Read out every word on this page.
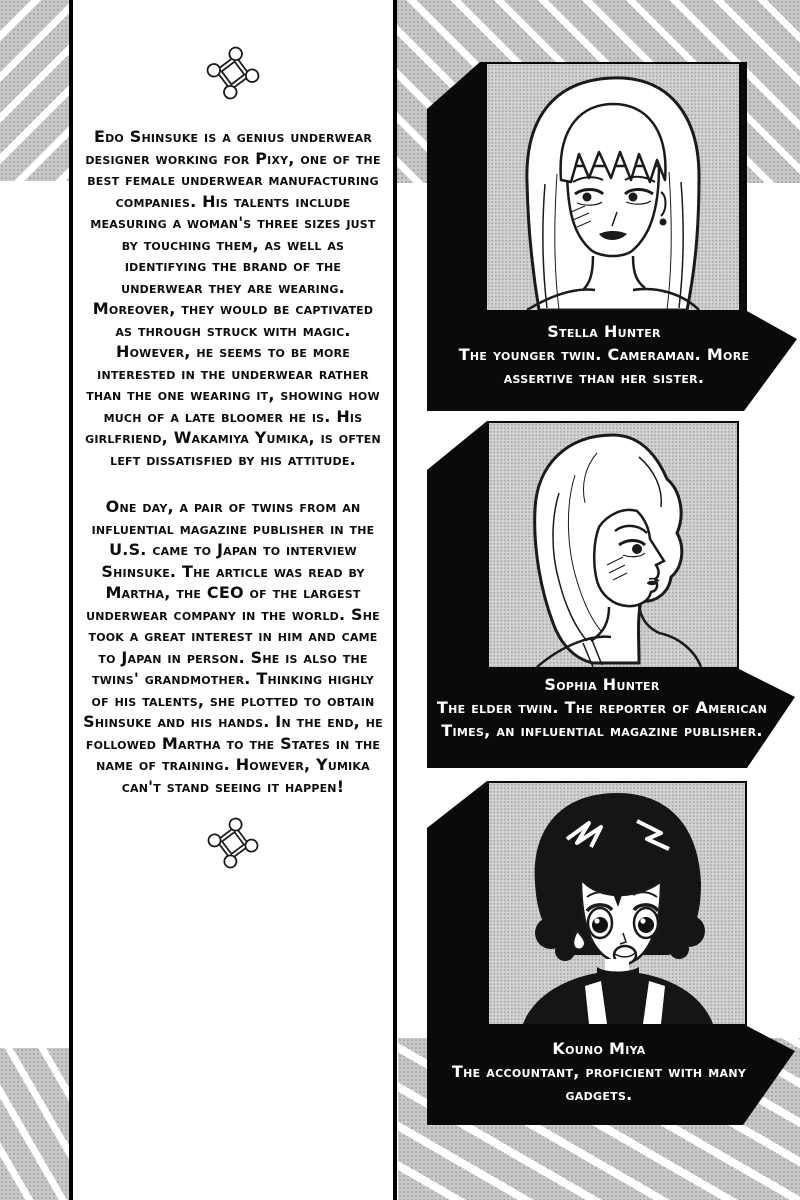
Edo Shinsuke is a genius underwear designer working for Pixy, one of the best female underwear manufacturing companies. His talents include measuring a woman's three sizes just by touching them, as well as identifying the brand of the underwear they are wearing. Moreover, they would be captivated as through struck with magic. However, he seems to be more interested in the underwear rather than the one wearing it, showing how much of a late bloomer he is. His girlfriend, Wakamiya Yumika, is often left dissatisfied by his attitude.

One day, a pair of twins from an influential magazine publisher in the U.S. came to Japan to interview Shinsuke. The article was read by Martha, the CEO of the largest underwear company in the world. She took a great interest in him and came to Japan in person. She is also the twins' grandmother. Thinking highly of his talents, she plotted to obtain Shinsuke and his hands. In the end, he followed Martha to the States in the name of training. However, Yumika can't stand seeing it happen!

Stella Hunter
The younger twin. Cameraman. More assertive than her sister.
Sophia Hunter
The elder twin. The reporter of American Times, an influential magazine publisher.
Kouno Miya
The accountant, proficient with many gadgets.
